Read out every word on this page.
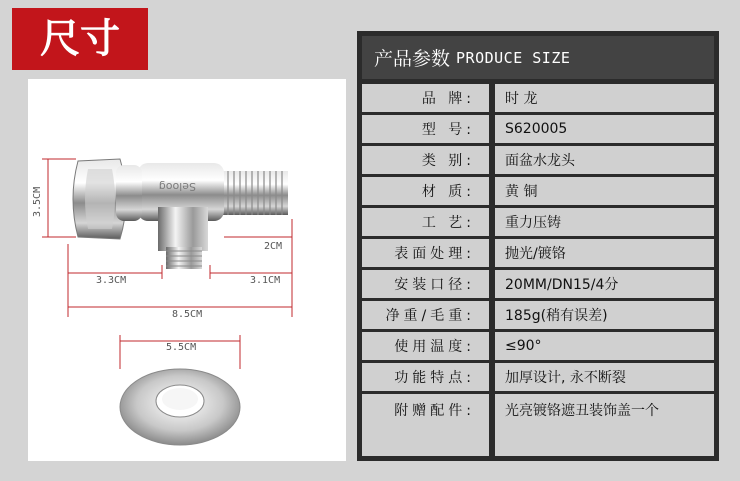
尺寸
3.5CM
Seloog
2CM
3.3CM	3.1CM
8.5CM
5.5CM
产品参数 PRODUCE SIZE
品 牌:	时 龙
型 号:	S620005
类 别:	面盆水龙头
材 质:	黄 铜
工 艺:	重力压铸
表面处理:	抛光/镀铬
安装口径:	20MM/DN15/4分
净重/毛重:	185g(稍有误差)
使用温度:	≤90°
功能特点:	加厚设计, 永不断裂
附赠配件:	光亮镀铬遮丑装饰盖一个
